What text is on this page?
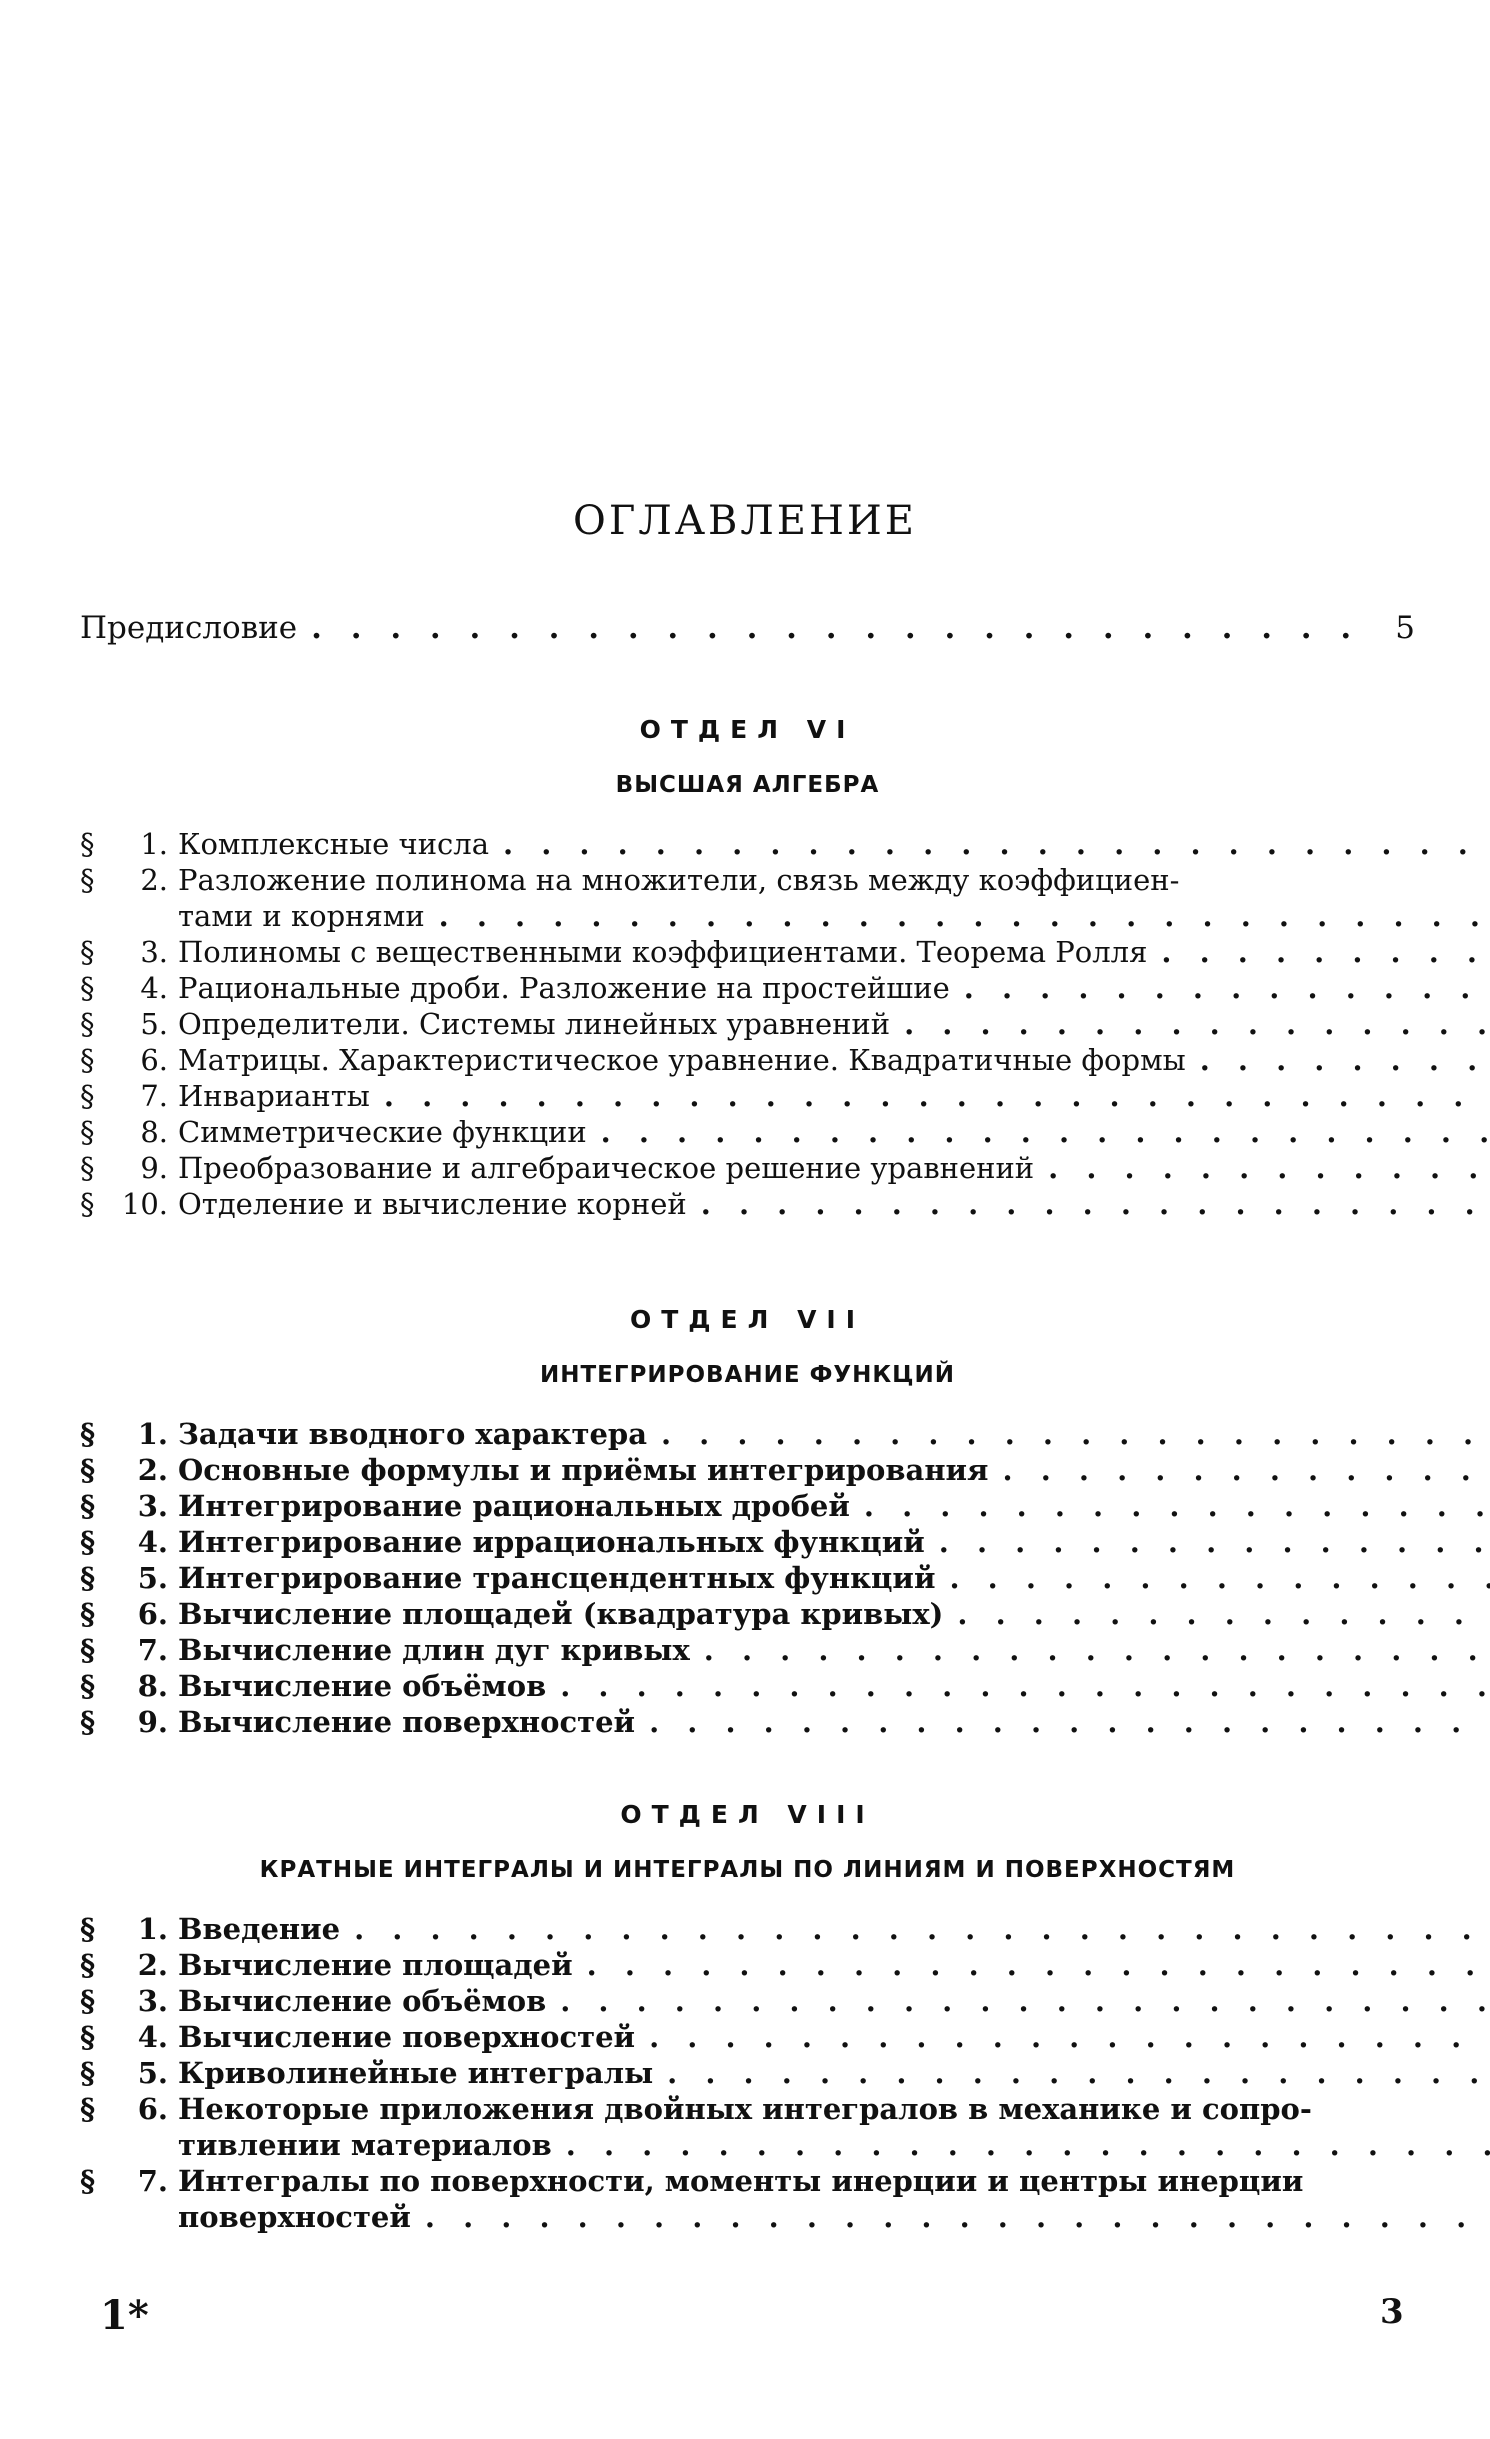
ОГЛАВЛЕНИЕ
Предисловие . . .	5
ОТДЕЛ VI
ВЫСШАЯ АЛГЕБРА
§	1. Комплексные числа
. . .
§	2. Разложение полинома на множители, связь между коэффициен-
тами и корнями
. . .
§	3. Полиномы с вещественными коэффициентами. Теорема Ролля
. . .
§	4. Рациональные дроби. Разложение на простейшие
. . .
§	5. Определители. Системы линейных уравнений
. . .
§	6. Матрицы. Характеристическое уравнение. Квадратичные формы
. . .
§	7. Инварианты
. . .
§	8. Симметрические функции
. . .
§	9. Преобразование и алгебраическое решение уравнений
. . .
§ 10. Отделение и вычисление корней
. . .
ОТДЕЛ VII
ИНТЕГРИРОВАНИЕ ФУНКЦИЙ
§	1. Задачи вводного характера
. . .
§	2. Основные формулы и приёмы интегрирования
. . .
§	3. Интегрирование рациональных дробей
. . .
§	4. Интегрирование иррациональных функций
. . .
§	5. Интегрирование трансцендентных функций
. . .
§	6. Вычисление площадей (квадратура кривых)
. . .
§	7. Вычисление длин дуг кривых
. . .
§	8. Вычисление объёмов
. . .
§	9. Вычисление поверхностей
. . .
ОТДЕЛ VIII
КРАТНЫЕ ИНТЕГРАЛЫ И ИНТЕГРАЛЫ ПО ЛИНИЯМ И ПОВЕРХНОСТЯМ
§	1. Введение
. . .
§	2. Вычисление площадей
. . .
§	3. Вычисление объёмов
. . .
§	4. Вычисление поверхностей
. . .
§	5. Криволинейные интегралы
. . .
§	6. Некоторые приложения двойных интегралов в механике и сопро-
тивлении материалов
. . .
§	7. Интегралы по поверхности, моменты инерции и центры инерции
поверхностей
. . .
1*	3
